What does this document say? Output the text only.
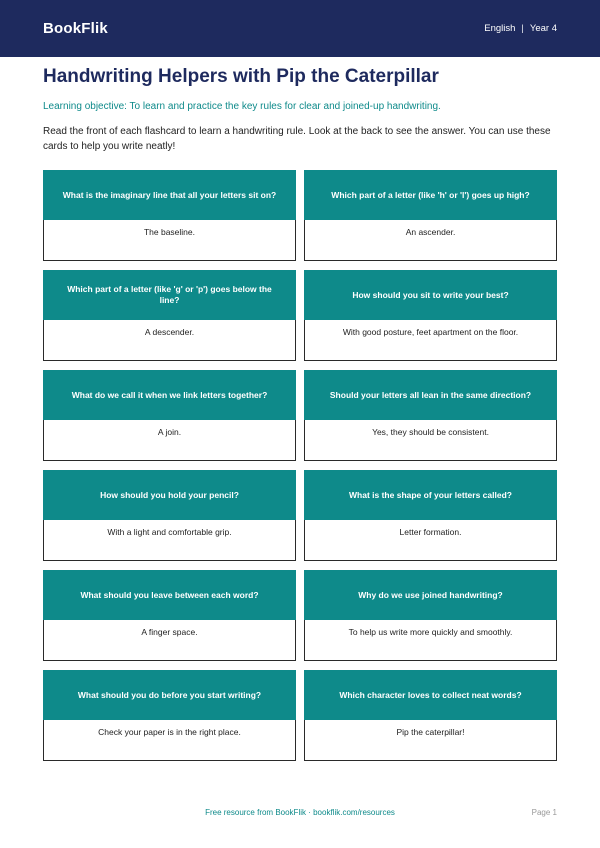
BookFlik	English | Year 4
Handwriting Helpers with Pip the Caterpillar

Learning objective: To learn and practice the key rules for clear and joined-up handwriting.

Read the front of each flashcard to learn a handwriting rule. Look at the back to see the answer. You can use these cards to help you write neatly!

What is the imaginary line that all your letters sit on?
The baseline.
Which part of a letter (like 'h' or 'l') goes up high?
An ascender.
Which part of a letter (like 'g' or 'p') goes below the line?
A descender.
How should you sit to write your best?
With good posture, feet apartment on the floor.
What do we call it when we link letters together?
A join.
Should your letters all lean in the same direction?
Yes, they should be consistent.
How should you hold your pencil?
With a light and comfortable grip.
What is the shape of your letters called?
Letter formation.
What should you leave between each word?
A finger space.
Why do we use joined handwriting?
To help us write more quickly and smoothly.
What should you do before you start writing?
Check your paper is in the right place.
Which character loves to collect neat words?
Pip the caterpillar!
Free resource from BookFlik · bookflik.com/resources	Page 1
